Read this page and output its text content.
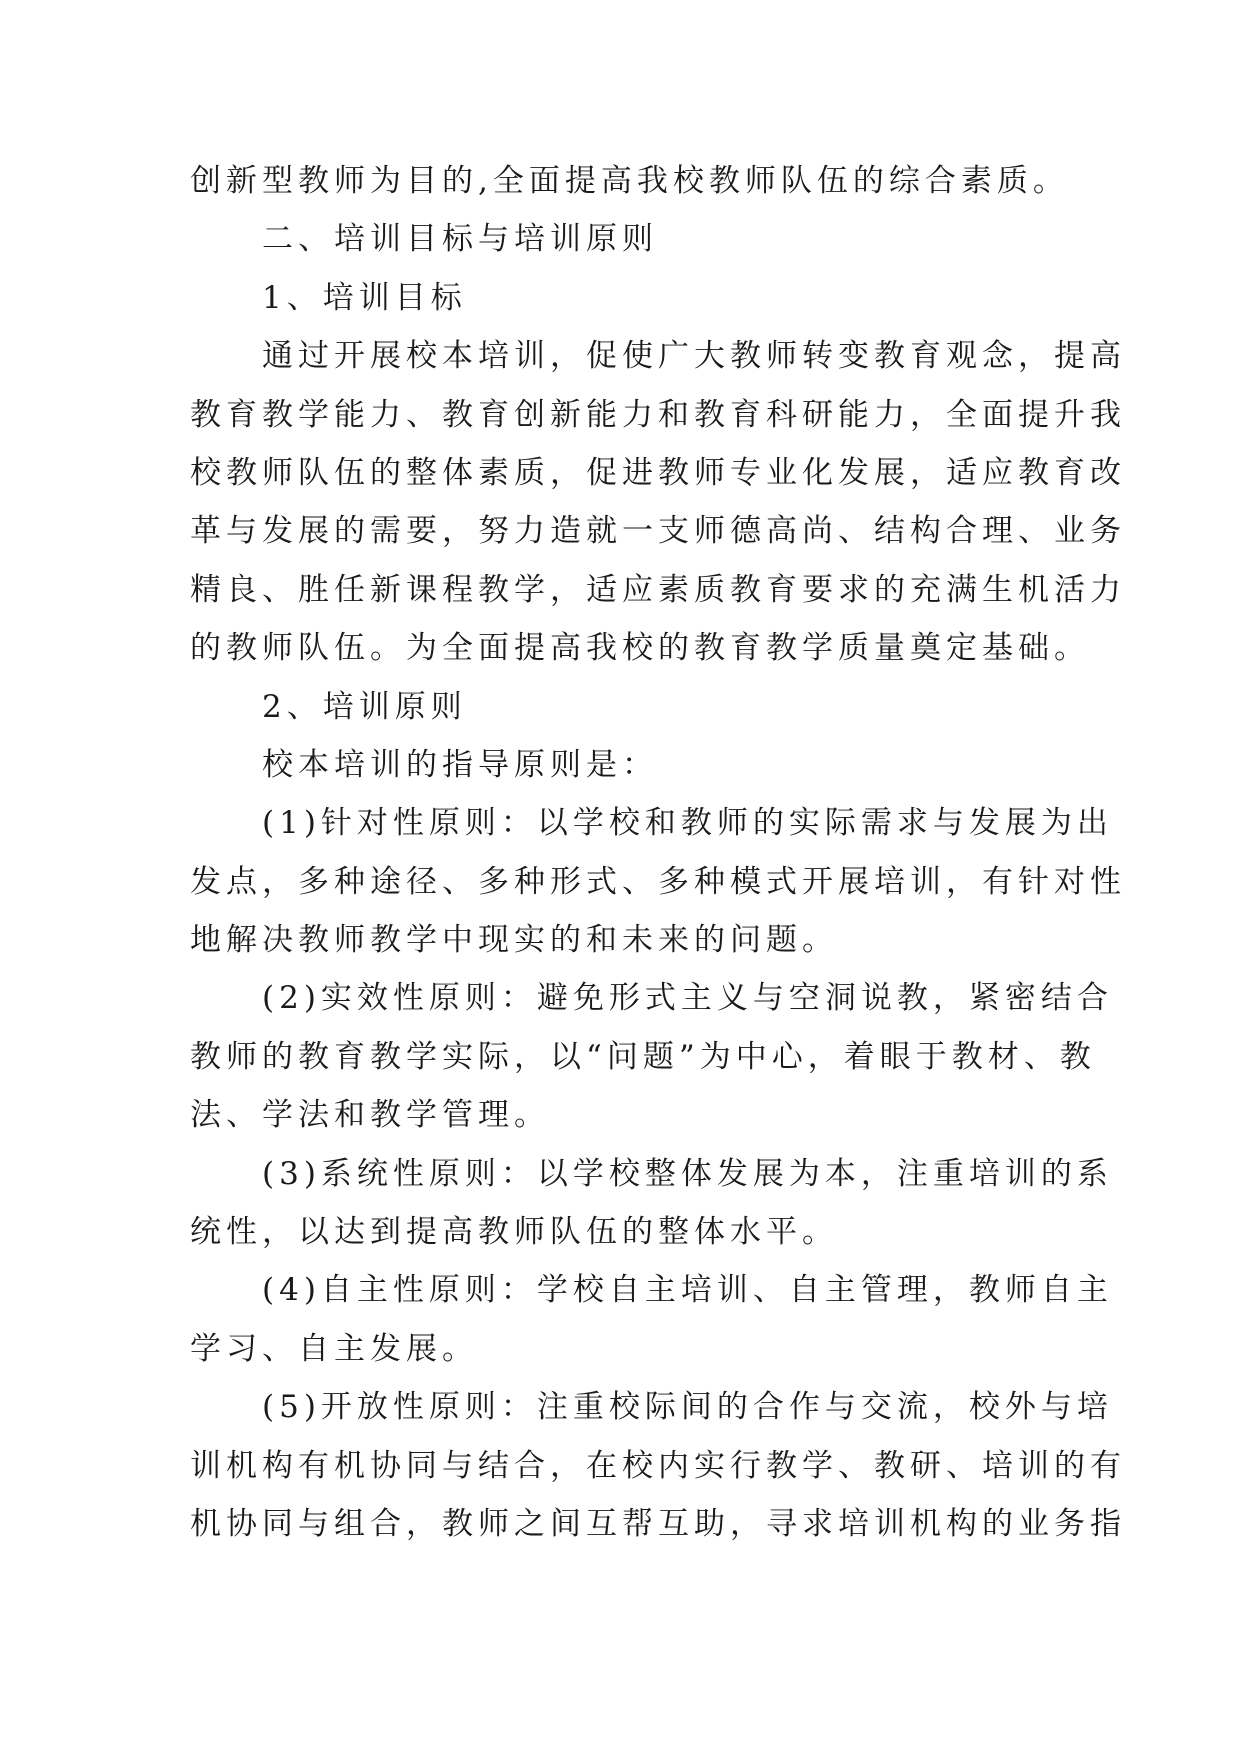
创新型教师为目的,全面提高我校教师队伍的综合素质。
二、培训目标与培训原则
1、培训目标
通过开展校本培训，促使广大教师转变教育观念，提高
教育教学能力、教育创新能力和教育科研能力，全面提升我
校教师队伍的整体素质，促进教师专业化发展，适应教育改
革与发展的需要，努力造就一支师德高尚、结构合理、业务
精良、胜任新课程教学，适应素质教育要求的充满生机活力
的教师队伍。为全面提高我校的教育教学质量奠定基础。
2、培训原则
校本培训的指导原则是：
(1)针对性原则：以学校和教师的实际需求与发展为出
发点，多种途径、多种形式、多种模式开展培训，有针对性
地解决教师教学中现实的和未来的问题。
(2)实效性原则：避免形式主义与空洞说教，紧密结合
教师的教育教学实际，以“问题”为中心，着眼于教材、教
法、学法和教学管理。
(3)系统性原则：以学校整体发展为本，注重培训的系
统性，以达到提高教师队伍的整体水平。
(4)自主性原则：学校自主培训、自主管理，教师自主
学习、自主发展。
(5)开放性原则：注重校际间的合作与交流，校外与培
训机构有机协同与结合，在校内实行教学、教研、培训的有
机协同与组合，教师之间互帮互助，寻求培训机构的业务指
